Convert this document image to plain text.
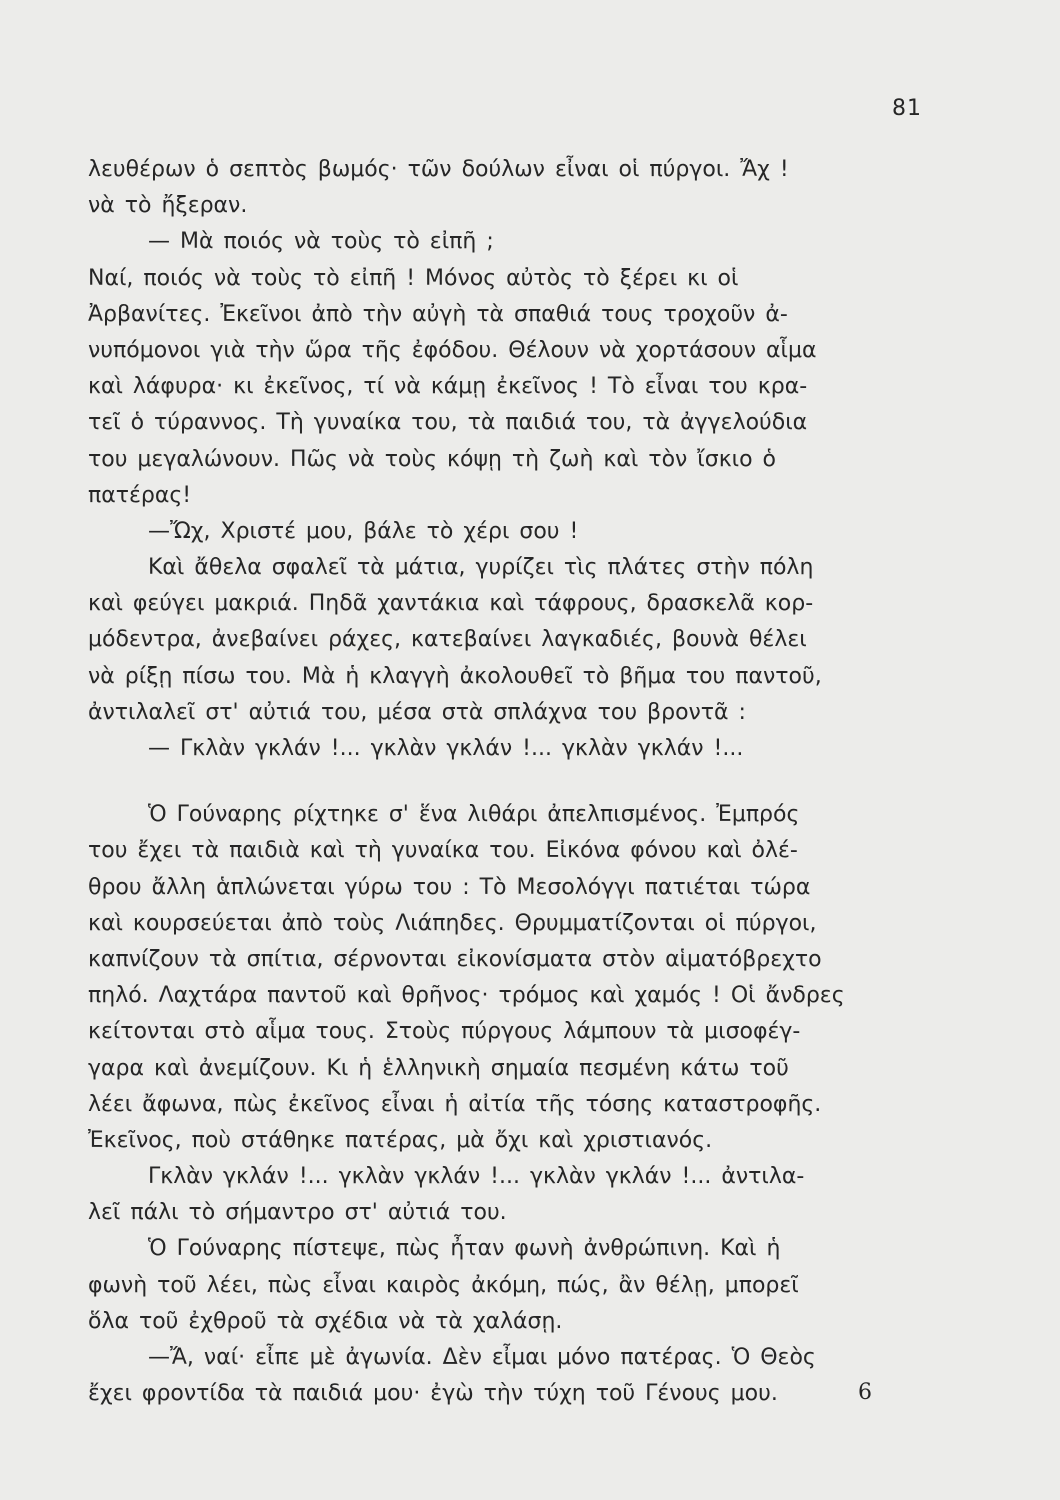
81
λευθέρων ὁ σεπτὸς βωμός· τῶν δούλων εἶναι οἱ πύργοι. Ἄχ !
νὰ τὸ ἤξεραν.
— Μὰ ποιός νὰ τοὺς τὸ εἰπῆ ;
Ναί, ποιός νὰ τοὺς τὸ εἰπῆ ! Μόνος αὐτὸς τὸ ξέρει κι οἱ
Ἀρβανίτες. Ἐκεῖνοι ἀπὸ τὴν αὐγὴ τὰ σπαθιά τους τροχοῦν ἀ-
νυπόμονοι γιὰ τὴν ὥρα τῆς ἐφόδου. Θέλουν νὰ χορτάσουν αἷμα
καὶ λάφυρα· κι ἐκεῖνος, τί νὰ κάμῃ ἐκεῖνος ! Τὸ εἶναι του κρα-
τεῖ ὁ τύραννος. Τὴ γυναίκα του, τὰ παιδιά του, τὰ ἀγγελούδια
του μεγαλώνουν. Πῶς νὰ τοὺς κόψῃ τὴ ζωὴ καὶ τὸν ἴσκιο ὁ
πατέρας!
—Ὤχ, Χριστέ μου, βάλε τὸ χέρι σου !
Καὶ ἄθελα σφαλεῖ τὰ μάτια, γυρίζει τὶς πλάτες στὴν πόλη
καὶ φεύγει μακριά. Πηδᾶ χαντάκια καὶ τάφρους, δρασκελᾶ κορ-
μόδεντρα, ἀνεβαίνει ράχες, κατεβαίνει λαγκαδιές, βουνὰ θέλει
νὰ ρίξῃ πίσω του. Μὰ ἡ κλαγγὴ ἀκολουθεῖ τὸ βῆμα του παντοῦ,
ἀντιλαλεῖ στ' αὐτιά του, μέσα στὰ σπλάχνα του βροντᾶ :
— Γκλὰν γκλάν !... γκλὰν γκλάν !... γκλὰν γκλάν !...
Ὁ Γούναρης ρίχτηκε σ' ἕνα λιθάρι ἀπελπισμένος. Ἐμπρός
του ἔχει τὰ παιδιὰ καὶ τὴ γυναίκα του. Εἰκόνα φόνου καὶ ὀλέ-
θρου ἄλλη ἁπλώνεται γύρω του : Τὸ Μεσολόγγι πατιέται τώρα
καὶ κουρσεύεται ἀπὸ τοὺς Λιάπηδες. Θρυμματίζονται οἱ πύργοι,
καπνίζουν τὰ σπίτια, σέρνονται εἰκονίσματα στὸν αἱματόβρεχτο
πηλό. Λαχτάρα παντοῦ καὶ θρῆνος· τρόμος καὶ χαμός ! Οἱ ἄνδρες
κείτονται στὸ αἷμα τους. Στοὺς πύργους λάμπουν τὰ μισοφέγ-
γαρα καὶ ἀνεμίζουν. Κι ἡ ἑλληνικὴ σημαία πεσμένη κάτω τοῦ
λέει ἄφωνα, πὼς ἐκεῖνος εἶναι ἡ αἰτία τῆς τόσης καταστροφῆς.
Ἐκεῖνος, ποὺ στάθηκε πατέρας, μὰ ὄχι καὶ χριστιανός.
Γκλὰν γκλάν !... γκλὰν γκλάν !... γκλὰν γκλάν !... ἀντιλα-
λεῖ πάλι τὸ σήμαντρο στ' αὐτιά του.
Ὁ Γούναρης πίστεψε, πὼς ἦταν φωνὴ ἀνθρώπινη. Καὶ ἡ
φωνὴ τοῦ λέει, πὼς εἶναι καιρὸς ἀκόμη, πώς, ἂν θέλῃ, μπορεῖ
ὅλα τοῦ ἐχθροῦ τὰ σχέδια νὰ τὰ χαλάσῃ.
—Ἄ, ναί· εἶπε μὲ ἀγωνία. Δὲν εἶμαι μόνο πατέρας. Ὁ Θεὸς
ἔχει φροντίδα τὰ παιδιά μου· ἐγὼ τὴν τύχη τοῦ Γένους μου.	6
